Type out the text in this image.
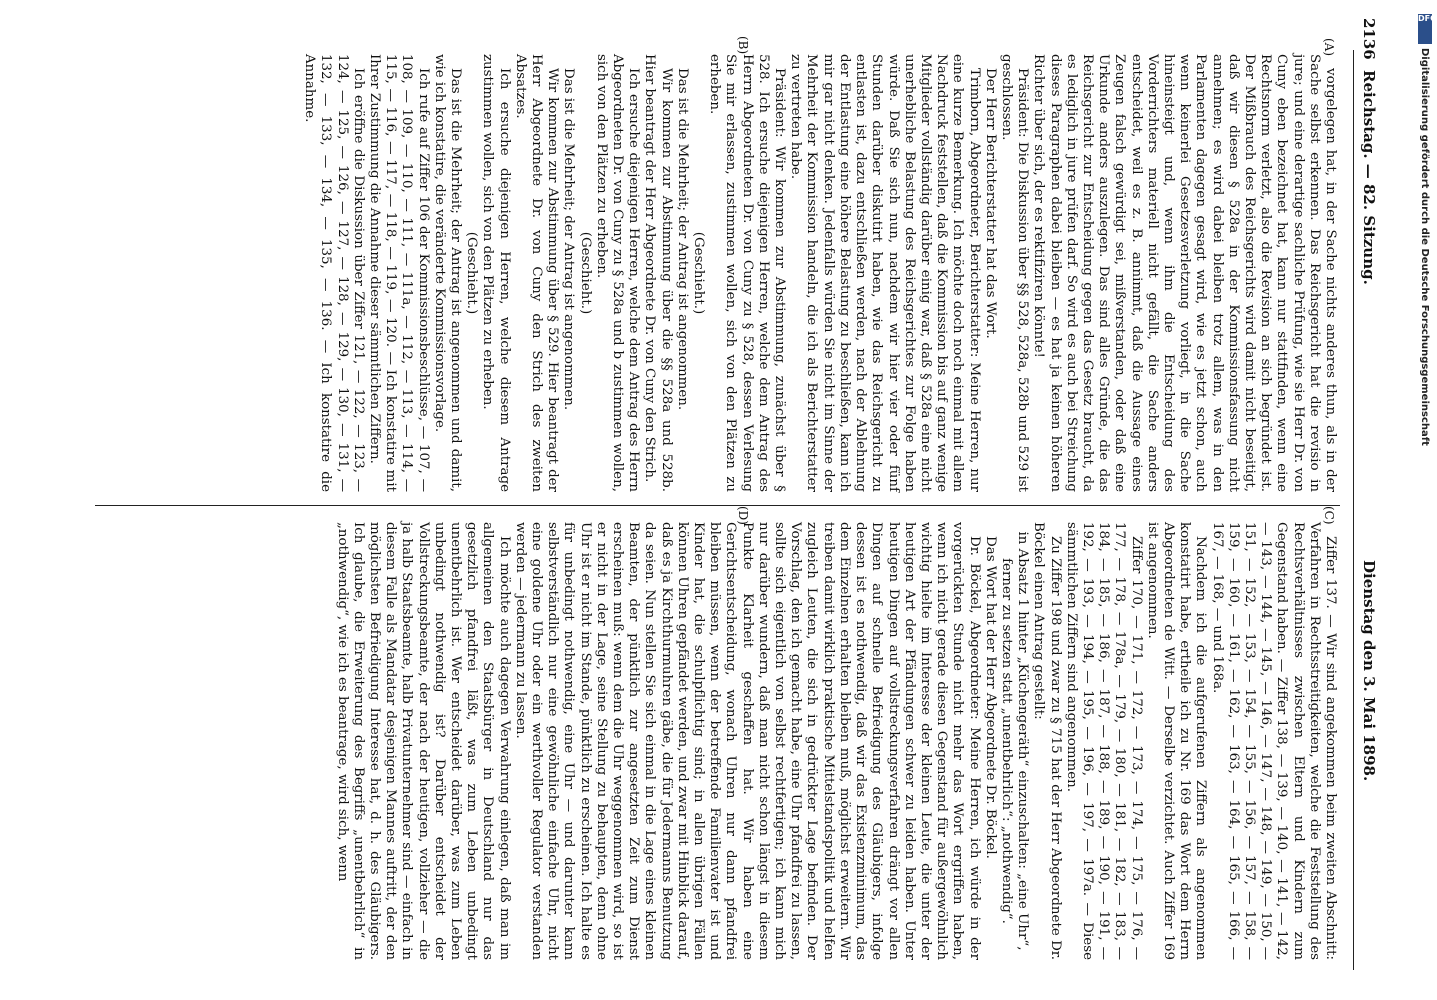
2136
Reichstag. — 82. Sitzung.
Dienstag den 3. Mai 1898.
(A)
(B)
(C)
(D)

vorgelegen hat, in der Sache nichts anderes thun, als in der Sache selbst erkennen. Das Reichsgericht hat die revisio in jure; und eine derartige sachliche Prüfung, wie sie Herr Dr. von Cuny eben bezeichnet hat, kann nur stattfinden, wenn eine Rechtsnorm verletzt, also die Revision an sich begründet ist. Der Mißbrauch des Reichsgerichts wird damit nicht beseitigt, daß wir diesen § 528a in der Kommissionsfassung nicht annehmen; es wird dabei bleiben trotz allem, was in den Parlamenten dagegen gesagt wird, wie es jetzt schon, auch wenn keinerlei Gesetzesverletzung vorliegt, in die Sache hineinsteigt und, wenn ihm die Entscheidung des Vorderrichters materiell nicht gefällt, die Sache anders entscheidet, weil es z. B. annimmt, daß die Aussage eines Zeugen falsch gewürdigt sei, mißverstanden, oder daß eine Urkunde anders auszulegen. Das sind alles Gründe, die das Reichsgericht zur Entscheidung gegen das Gesetz braucht, da es lediglich in jure prüfen darf. So wird es auch bei Streichung dieses Paragraphen dabei bleiben — es hat ja keinen höheren Richter über sich, der es rektifiziren könnte!

Präsident: Die Diskussion über §§ 528, 528a, 528b und 529 ist geschlossen.

Der Herr Berichterstatter hat das Wort.

Trimborn, Abgeordneter, Berichterstatter: Meine Herren, nur eine kurze Bemerkung. Ich möchte doch noch einmal mit allem Nachdruck feststellen, daß die Kommission bis auf ganz wenige Mitglieder vollständig darüber einig war, daß § 528a eine nicht unerhebliche Belastung des Reichsgerichtes zur Folge haben würde. Daß Sie sich nun, nachdem wir hier vier oder fünf Stunden darüber diskutirt haben, wie das Reichsgericht zu entlasten ist, dazu entschließen werden, nach der Ablehnung der Entlastung eine höhere Belastung zu beschließen, kann ich mir gar nicht denken. Jedenfalls würden Sie nicht im Sinne der Mehrheit der Kommission handeln, die ich als Berichterstatter zu vertreten habe.

Präsident: Wir kommen zur Abstimmung, zunächst über § 528. Ich ersuche diejenigen Herren, welche dem Antrag des Herrn Abgeordneten Dr. von Cuny zu § 528, dessen Verlesung Sie mir erlassen, zustimmen wollen, sich von den Plätzen zu erheben.

(Geschieht.)

Das ist die Mehrheit; der Antrag ist angenommen.

Wir kommen zur Abstimmung über die §§ 528a und 528b. Hier beantragt der Herr Abgeordnete Dr. von Cuny den Strich.

Ich ersuche diejenigen Herren, welche dem Antrag des Herrn Abgeordneten Dr. von Cuny zu § 528a und b zustimmen wollen, sich von den Plätzen zu erheben.

(Geschieht.)

Das ist die Mehrheit; der Antrag ist angenommen.

Wir kommen zur Abstimmung über § 529. Hier beantragt der Herr Abgeordnete Dr. von Cuny den Strich des zweiten Absatzes.

Ich ersuche diejenigen Herren, welche diesem Antrage zustimmen wollen, sich von den Plätzen zu erheben.

(Geschieht.)

Das ist die Mehrheit; der Antrag ist angenommen und damit, wie ich konstatire, die veränderte Kommissionsvorlage.

Ich rufe auf Ziffer 106 der Kommissionsbeschlüsse, — 107, — 108, — 109, — 110, — 111, — 111a, — 112, — 113, — 114, — 115, — 116, — 117, — 118, — 119, — 120. — Ich konstatire mit Ihrer Zustimmung die Annahme dieser sämmtlichen Ziffern.

Ich eröffne die Diskussion über Ziffer 121, — 122, — 123, — 124, — 125, — 126, — 127, — 128, — 129, — 130, — 131, — 132, — 133, — 134, — 135, — 136. — Ich konstatire die Annahme.

Ziffer 137. — Wir sind angekommen beim zweiten Abschnitt: Verfahren in Rechtsstreitigkeiten, welche die Feststellung des Rechtsverhältnisses zwischen Eltern und Kindern zum Gegenstand haben. — Ziffer 138, — 139, — 140, — 141, — 142, — 143, — 144, — 145, — 146, — 147, — 148, — 149, — 150, — 151, — 152, — 153, — 154, — 155, — 156, — 157, — 158, — 159, — 160, — 161, — 162, — 163, — 164, — 165, — 166, — 167, — 168, — und 168a.

Nachdem ich die aufgerufenen Ziffern als angenommen konstatirt habe, ertheile ich zu Nr. 169 das Wort dem Herrn Abgeordneten de Witt. — Derselbe verzichtet. Auch Ziffer 169 ist angenommen.

Ziffer 170, — 171, — 172, — 173, — 174, — 175, — 176, — 177, — 178, — 178a, — 179, — 180, — 181, — 182, — 183, — 184, — 185, — 186, — 187, — 188, — 189, — 190, — 191, — 192, — 193, — 194, — 195, — 196, — 197, — 197a. — Diese sämmtlichen Ziffern sind angenommen.

Zu Ziffer 198 und zwar zu § 715 hat der Herr Abgeordnete Dr. Böckel einen Antrag gestellt:

in Absatz 1 hinter „Küchengeräth“ einzuschalten: „eine Uhr“, ferner zu setzen statt „unentbehrlich“: „nothwendig“.

Das Wort hat der Herr Abgeordnete Dr. Böckel.

Dr. Böckel, Abgeordneter: Meine Herren, ich würde in der vorgerückten Stunde nicht mehr das Wort ergriffen haben, wenn ich nicht gerade diesen Gegenstand für außergewöhnlich wichtig hielte im Interesse der kleinen Leute, die unter der heutigen Art der Pfändungen schwer zu leiden haben. Unter heutigen Dingen auf vollstreckungsverfahren drängt vor allen Dingen auf schnelle Befriedigung des Gläubigers, infolge dessen ist es nothwendig, daß wir das Existenzminimum, das dem Einzelnen erhalten bleiben muß, möglichst erweitern. Wir treiben damit wirklich praktische Mittelstandspolitik und helfen zugleich Leuten, die sich in gedrückter Lage befinden. Der Vorschlag, den ich gemacht habe, eine Uhr pfandfrei zu lassen, sollte sich eigentlich von selbst rechtfertigen; ich kann mich nur darüber wundern, daß man nicht schon längst in diesem Punkte Klarheit geschaffen hat. Wir haben eine Gerichtsentscheidung, wonach Uhren nur dann pfandfrei bleiben müssen, wenn der betreffende Familienvater ist und Kinder hat, die schulpflichtig sind; in allen übrigen Fällen können Uhren gepfändet werden, und zwar mit Hinblick darauf, daß es ja Kirchthurmuhren gäbe, die für Jedermanns Benutzung da seien. Nun stellen Sie sich einmal in die Lage eines kleinen Beamten, der pünktlich zur angesetzten Zeit zum Dienst erscheinen muß: wenn dem die Uhr weggenommen wird, so ist er nicht in der Lage, seine Stellung zu behaupten, denn ohne Uhr ist er nicht im Stande, pünktlich zu erscheinen. Ich halte es für unbedingt nothwendig, eine Uhr — und darunter kann selbstverständlich nur eine gewöhnliche einfache Uhr, nicht eine goldene Uhr oder ein werthvoller Regulator verstanden werden — jedermann zu lassen.

Ich möchte auch dagegen Verwahrung einlegen, daß man im allgemeinen den Staatsbürger in Deutschland nur das gesetzlich pfandfrei läßt, was zum Leben unbedingt unentbehrlich ist. Wer entscheidet darüber, was zum Leben unbedingt nothwendig ist? Darüber entscheidet der Vollstreckungsbeamte, der nach der heutigen, vollzieher — die ja halb Staatsbeamte, halb Privatunternehmer sind — einfach in diesem Falle als Mandatar desjenigen Mannes auftritt, der den möglichsten Befriedigung Interesse hat, d. h. des Gläubigers. Ich glaube, die Erweiterung des Begriffs „unentbehrlich“ in „nothwendig“, wie ich es beantrage, wird sich, wenn

DFG
Digitalisierung gefördert durch die Deutsche Forschungsgemeinschaft
